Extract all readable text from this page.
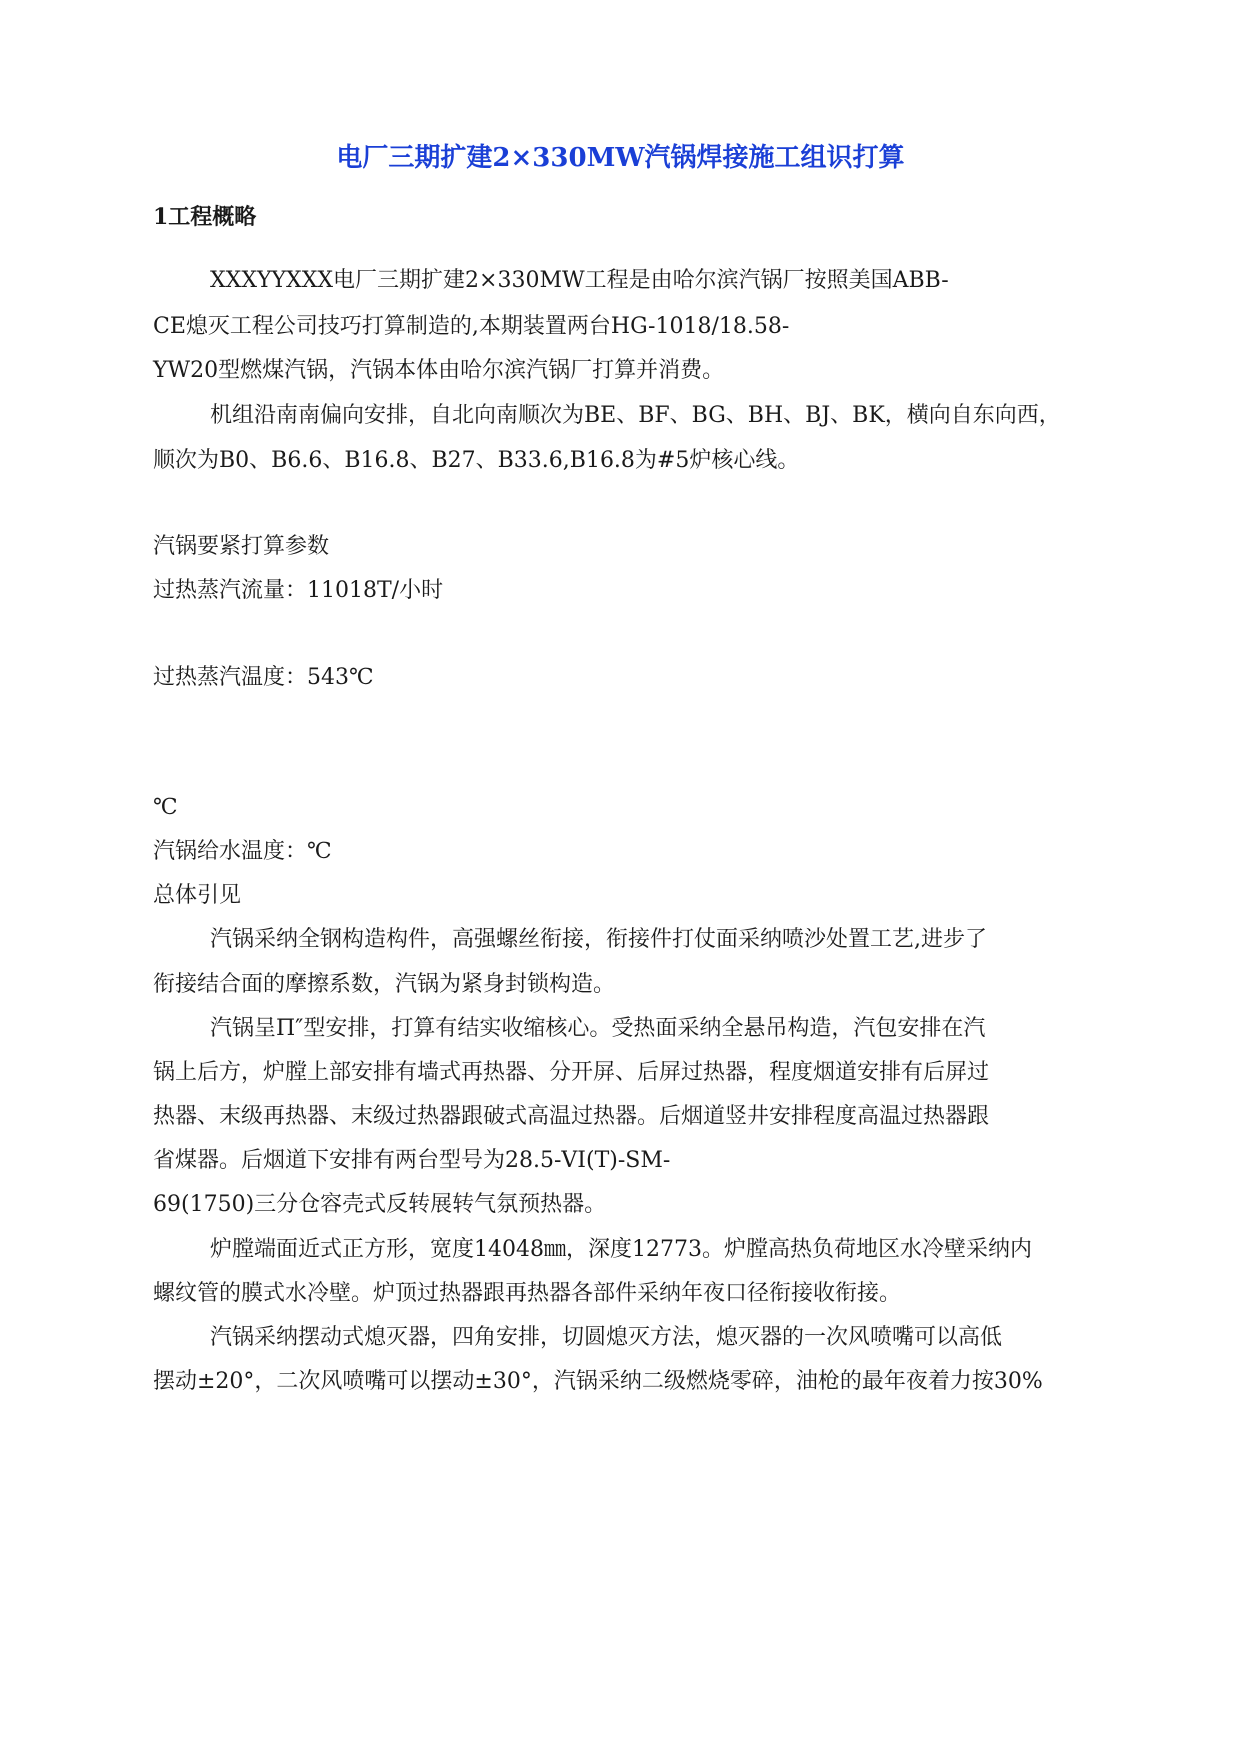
电厂三期扩建2×330MW汽锅焊接施工组识打算
1工程概略
XXXYYXXX电厂三期扩建2×330MW工程是由哈尔滨汽锅厂按照美国ABB-
CE熄灭工程公司技巧打算制造的,本期装置两台HG-1018/18.58-
YW20型燃煤汽锅，汽锅本体由哈尔滨汽锅厂打算并消费。
机组沿南南偏向安排，自北向南顺次为BE、BF、BG、BH、BJ、BK，横向自东向西，
顺次为B0、B6.6、B16.8、B27、B33.6,B16.8为#5炉核心线。
汽锅要紧打算参数
过热蒸汽流量：11018T/小时
过热蒸汽温度：543℃
℃
汽锅给水温度：℃
总体引见
汽锅采纳全钢构造构件，高强螺丝衔接，衔接件打仗面采纳喷沙处置工艺,进步了
衔接结合面的摩擦系数，汽锅为紧身封锁构造。
汽锅呈Π″型安排，打算有结实收缩核心。受热面采纳全悬吊构造，汽包安排在汽
锅上后方，炉膛上部安排有墙式再热器、分开屏、后屏过热器，程度烟道安排有后屏过
热器、末级再热器、末级过热器跟破式高温过热器。后烟道竖井安排程度高温过热器跟
省煤器。后烟道下安排有两台型号为28.5-VI(T)-SM-
69(1750)三分仓容壳式反转展转气氛预热器。
炉膛端面近式正方形，宽度14048㎜，深度12773。炉膛高热负荷地区水冷壁采纳内
螺纹管的膜式水冷壁。炉顶过热器跟再热器各部件采纳年夜口径衔接收衔接。
汽锅采纳摆动式熄灭器，四角安排，切圆熄灭方法，熄灭器的一次风喷嘴可以高低
摆动±20°，二次风喷嘴可以摆动±30°，汽锅采纳二级燃烧零碎，油枪的最年夜着力按30%
